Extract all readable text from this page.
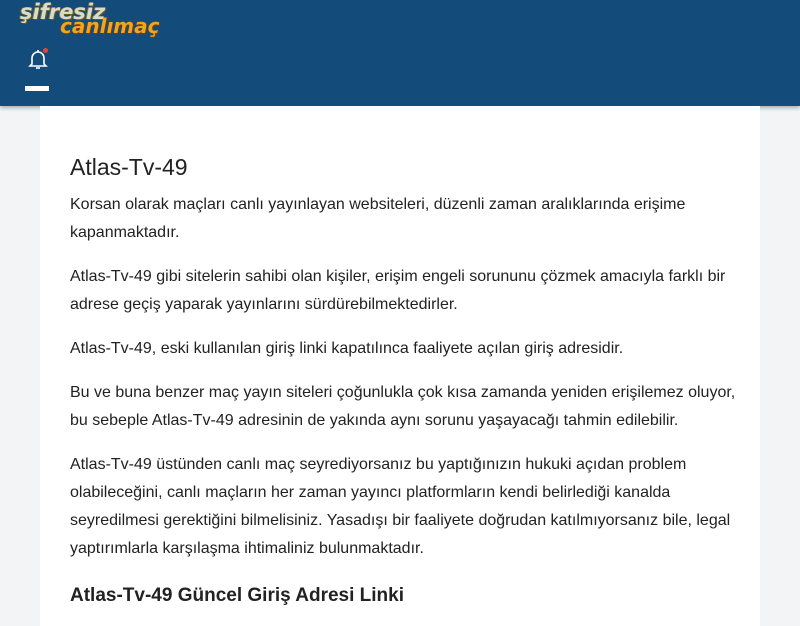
şifresiz
canlımaç
Atlas-Tv-49

Korsan olarak maçları canlı yayınlayan websiteleri, düzenli zaman aralıklarında erişime kapanmaktadır.

Atlas-Tv-49 gibi sitelerin sahibi olan kişiler, erişim engeli sorununu çözmek amacıyla farklı bir adrese geçiş yaparak yayınlarını sürdürebilmektedirler.

Atlas-Tv-49, eski kullanılan giriş linki kapatılınca faaliyete açılan giriş adresidir.

Bu ve buna benzer maç yayın siteleri çoğunlukla çok kısa zamanda yeniden erişilemez oluyor, bu sebeple Atlas-Tv-49 adresinin de yakında aynı sorunu yaşayacağı tahmin edilebilir.

Atlas-Tv-49 üstünden canlı maç seyrediyorsanız bu yaptığınızın hukuki açıdan problem olabileceğini, canlı maçların her zaman yayıncı platformların kendi belirlediği kanalda seyredilmesi gerektiğini bilmelisiniz. Yasadışı bir faaliyete doğrudan katılmıyorsanız bile, legal yaptırımlarla karşılaşma ihtimaliniz bulunmaktadır.

Atlas-Tv-49 Güncel Giriş Adresi Linki
